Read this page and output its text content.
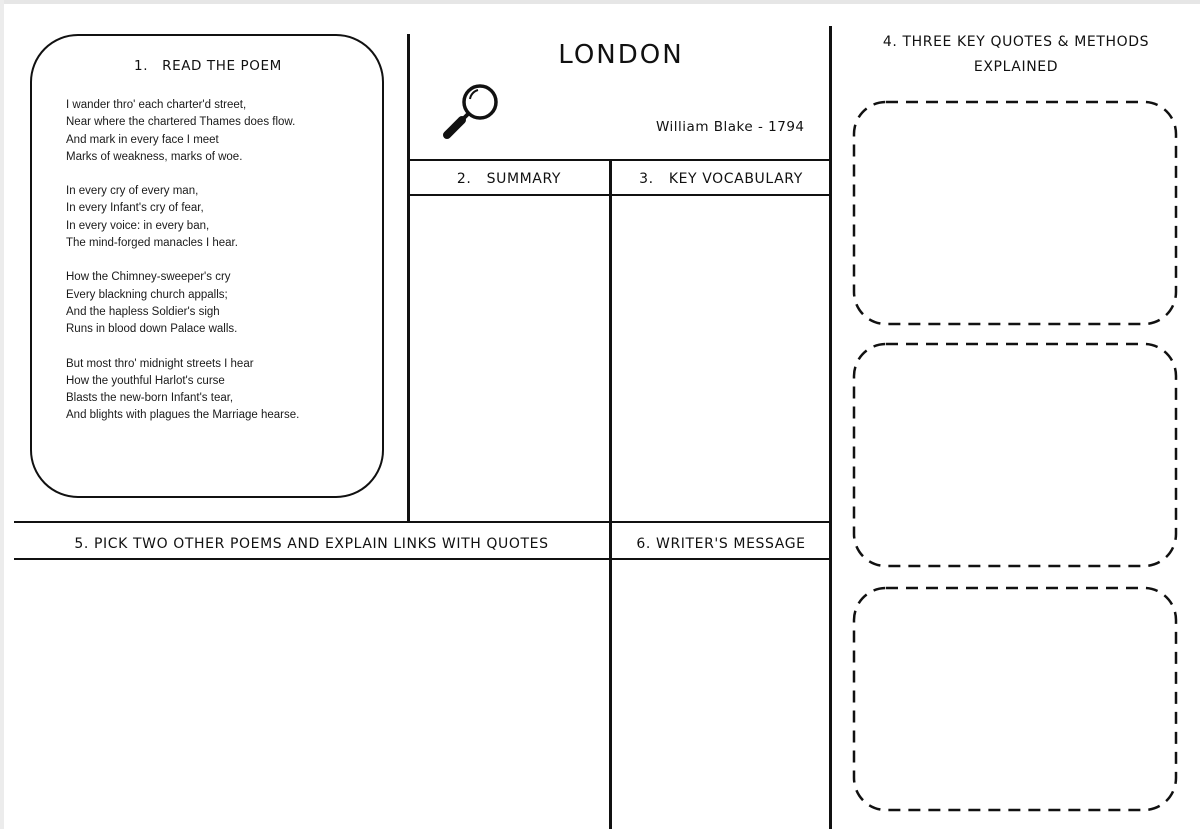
1. READ THE POEM
I wander thro' each charter'd street,
Near where the chartered Thames does flow.
And mark in every face I meet
Marks of weakness, marks of woe.
In every cry of every man,
In every Infant's cry of fear,
In every voice: in every ban,
The mind-forged manacles I hear.
How the Chimney-sweeper's cry
Every blackning church appalls;
And the hapless Soldier's sigh
Runs in blood down Palace walls.
But most thro' midnight streets I hear
How the youthful Harlot's curse
Blasts the new-born Infant's tear,
And blights with plagues the Marriage hearse.
LONDON
William Blake - 1794
2.   SUMMARY	3.   KEY VOCABULARY
4. THREE KEY QUOTES & METHODS
EXPLAINED
5. PICK TWO OTHER POEMS AND EXPLAIN LINKS WITH QUOTES	6. WRITER'S MESSAGE
